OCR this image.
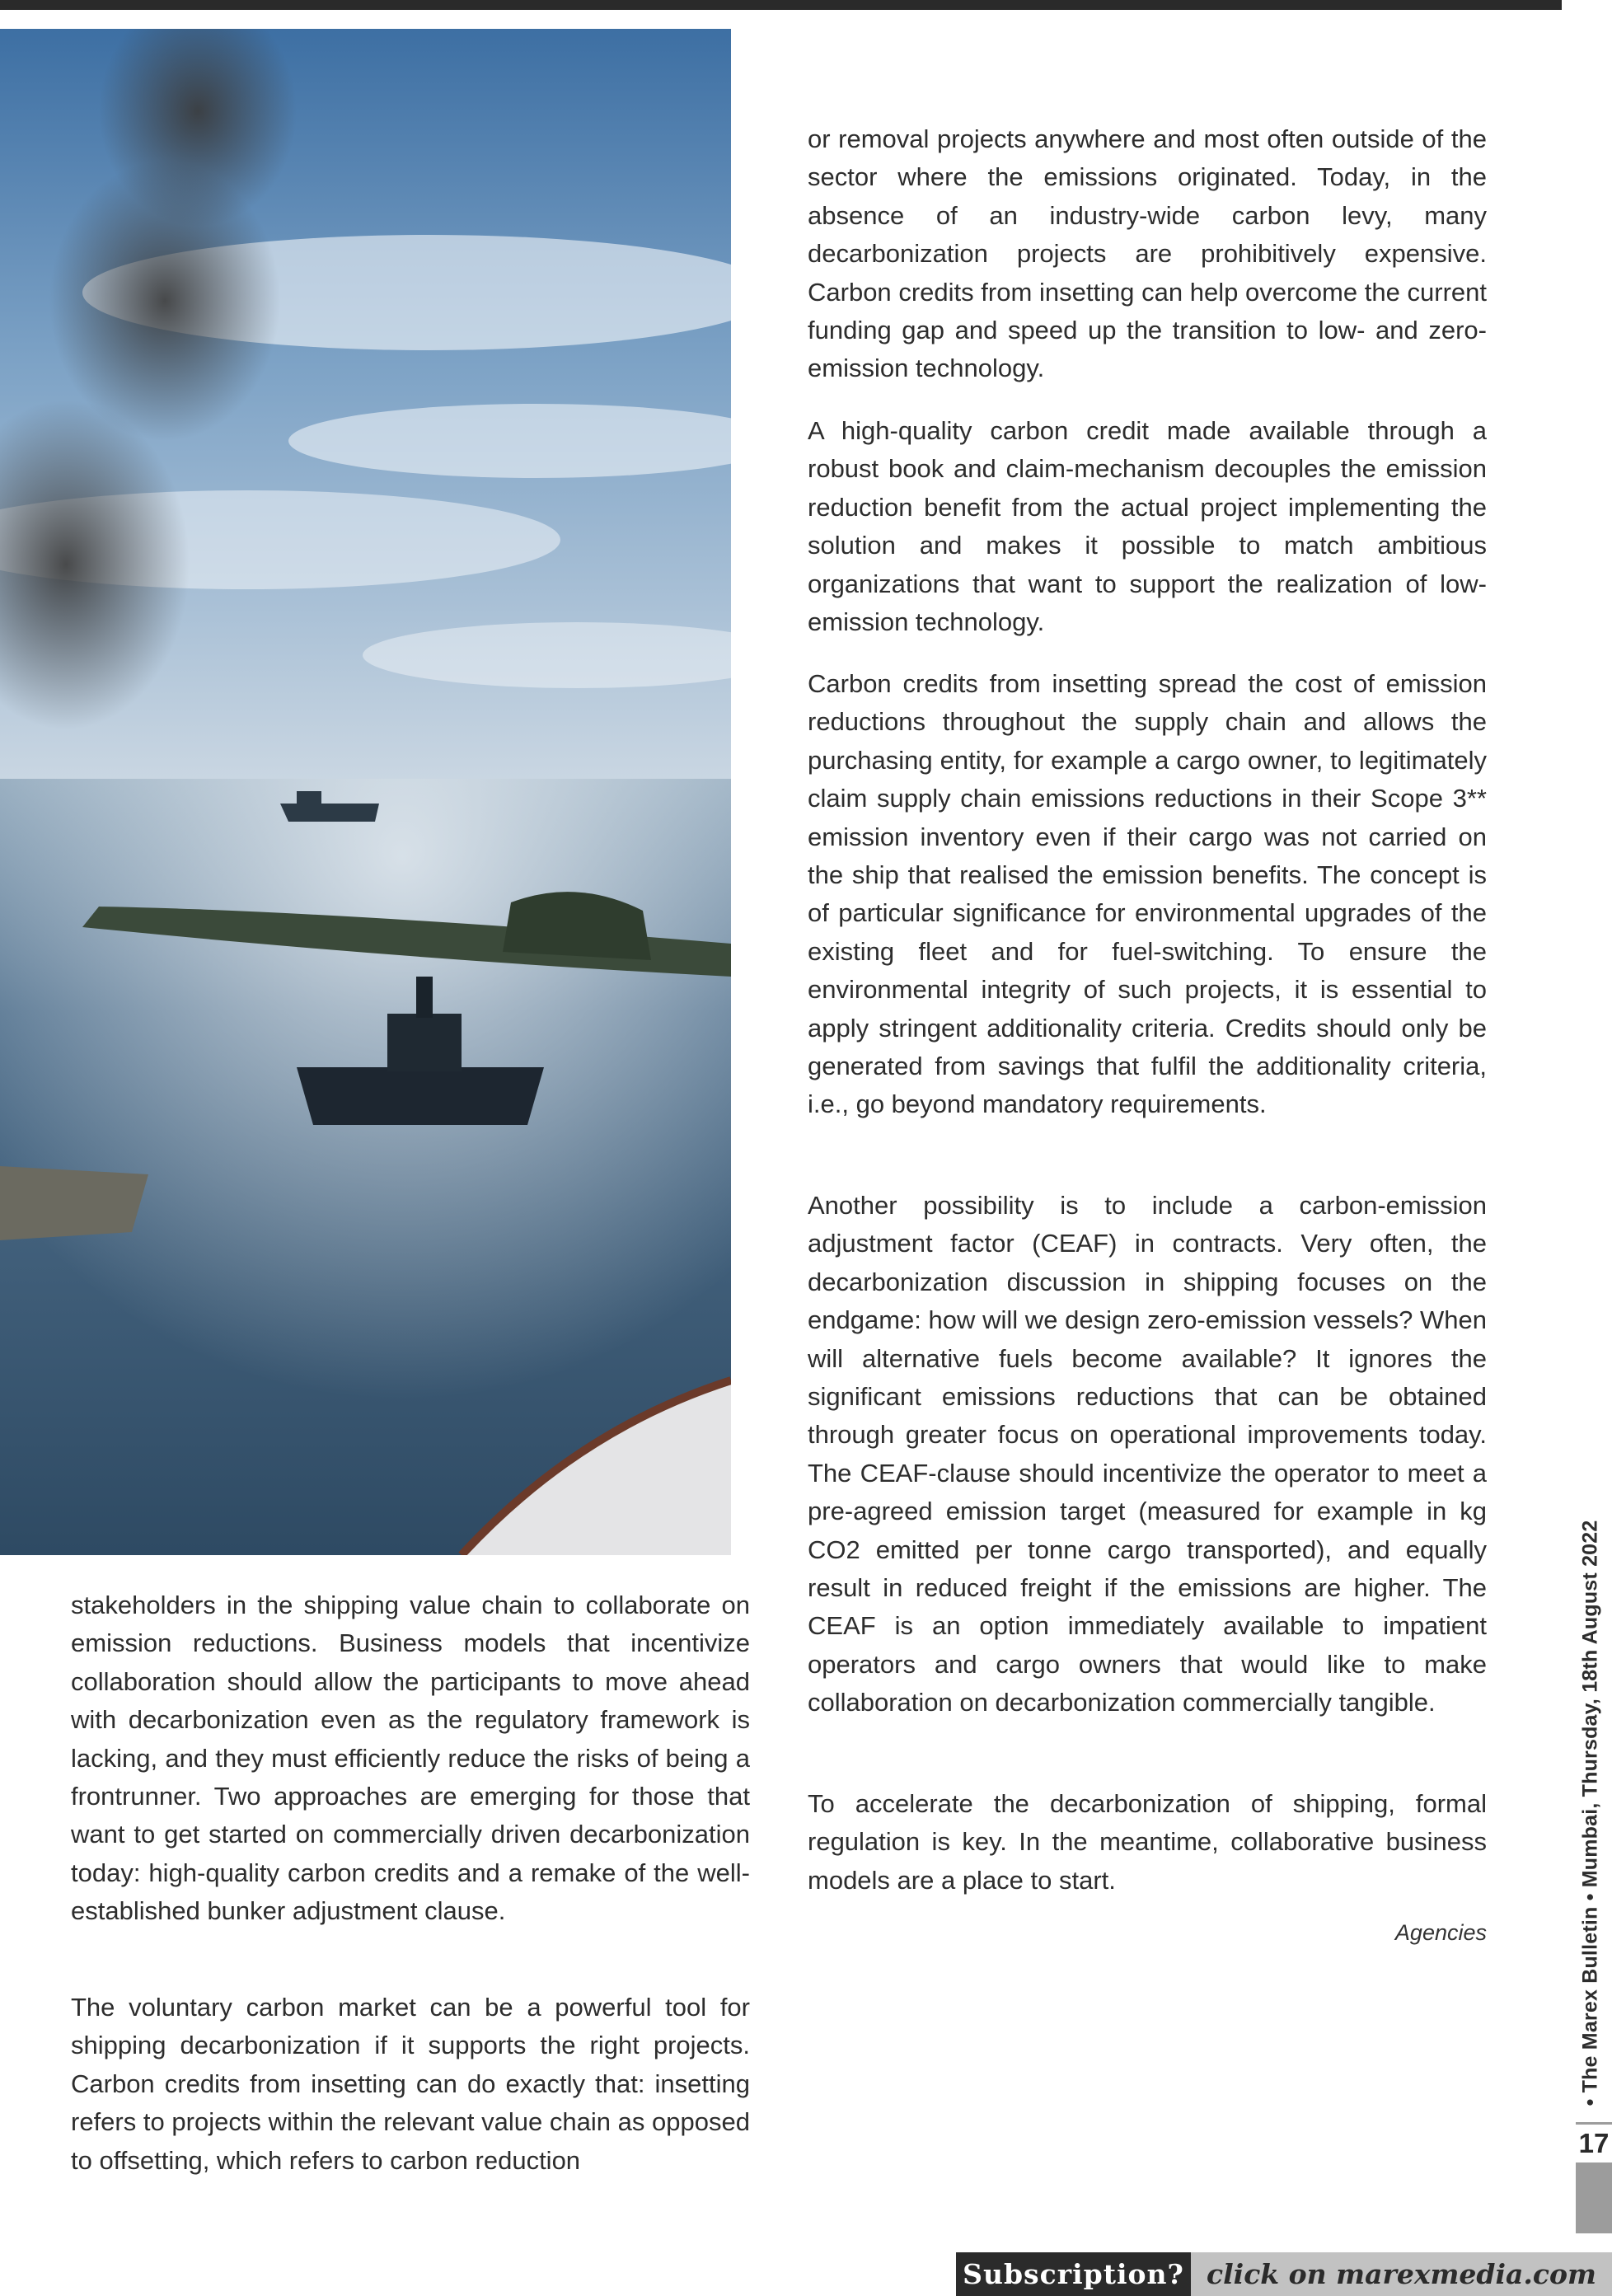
stakeholders in the shipping value chain to collaborate on emission reductions. Business models that incentivize collaboration should allow the participants to move ahead with decarbonization even as the regulatory framework is lacking, and they must efficiently reduce the risks of being a frontrunner. Two approaches are emerging for those that want to get started on commercially driven decarbonization today: high-quality carbon credits and a remake of the well-established bunker adjustment clause.

The voluntary carbon market can be a powerful tool for shipping decarbonization if it supports the right projects. Carbon credits from insetting can do exactly that: insetting refers to projects within the relevant value chain as opposed to offsetting, which refers to carbon reduction

or removal projects anywhere and most often outside of the sector where the emissions originated. Today, in the absence of an industry-wide carbon levy, many decarbonization projects are prohibitively expensive. Carbon credits from insetting can help overcome the current funding gap and speed up the transition to low- and zero-emission technology.

A high-quality carbon credit made available through a robust book and claim-mechanism decouples the emission reduction benefit from the actual project implementing the solution and makes it possible to match ambitious organizations that want to support the realization of low-emission technology.

Carbon credits from insetting spread the cost of emission reductions throughout the supply chain and allows the purchasing entity, for example a cargo owner, to legitimately claim supply chain emissions reductions in their Scope 3** emission inventory even if their cargo was not carried on the ship that realised the emission benefits. The concept is of particular significance for environmental upgrades of the existing fleet and for fuel-switching. To ensure the environmental integrity of such projects, it is essential to apply stringent additionality criteria. Credits should only be generated from savings that fulfil the additionality criteria, i.e., go beyond mandatory requirements.

Another possibility is to include a carbon-emission adjustment factor (CEAF) in contracts. Very often, the decarbonization discussion in shipping focuses on the endgame: how will we design zero-emission vessels? When will alternative fuels become available? It ignores the significant emissions reductions that can be obtained through greater focus on operational improvements today. The CEAF-clause should incentivize the operator to meet a pre-agreed emission target (measured for example in kg CO2 emitted per tonne cargo transported), and equally result in reduced freight if the emissions are higher. The CEAF is an option immediately available to impatient operators and cargo owners that would like to make collaboration on decarbonization commercially tangible.

To accelerate the decarbonization of shipping, formal regulation is key. In the meantime, collaborative business models are a place to start.

Agencies	• The Marex Bulletin • Mumbai, Thursday, 18th August 2022
17
Subscription? click on marexmedia.com
